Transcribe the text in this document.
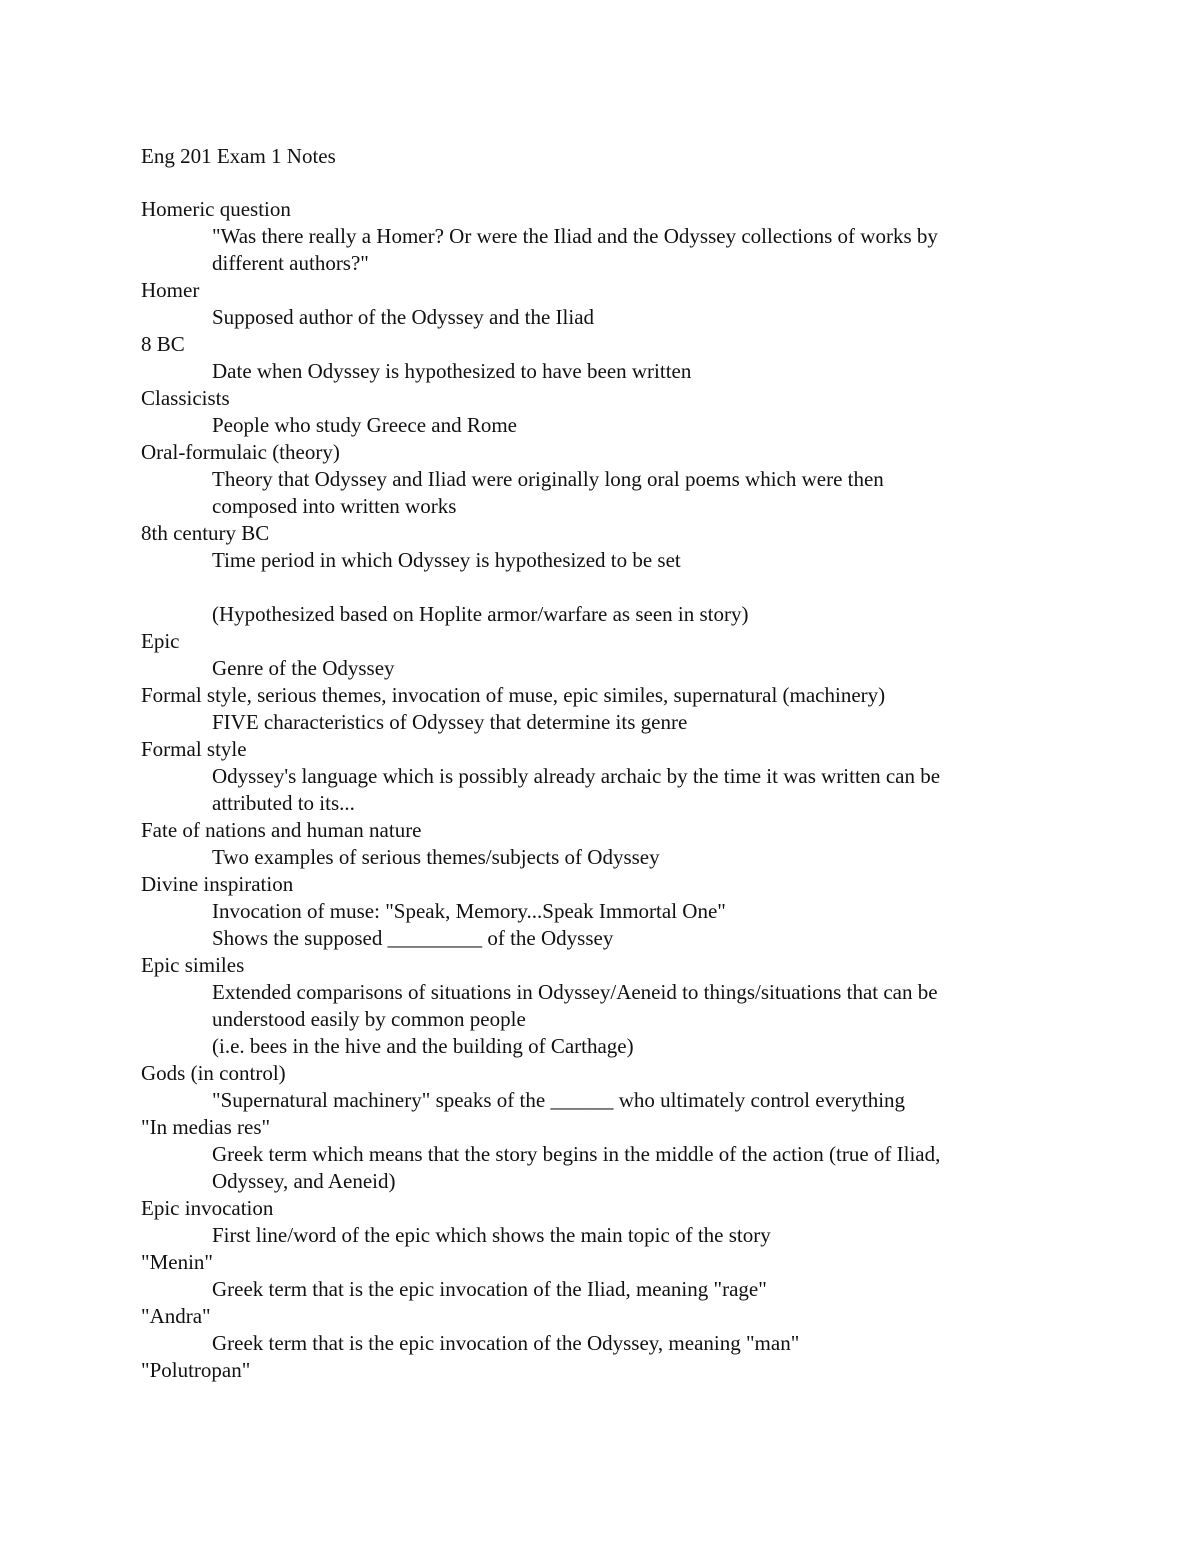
Eng 201 Exam 1 Notes
Homeric question
"Was there really a Homer? Or were the Iliad and the Odyssey collections of works by
different authors?"
Homer
Supposed author of the Odyssey and the Iliad
8 BC
Date when Odyssey is hypothesized to have been written
Classicists
People who study Greece and Rome
Oral-formulaic (theory)
Theory that Odyssey and Iliad were originally long oral poems which were then
composed into written works
8th century BC
Time period in which Odyssey is hypothesized to be set
(Hypothesized based on Hoplite armor/warfare as seen in story)
Epic
Genre of the Odyssey
Formal style, serious themes, invocation of muse, epic similes, supernatural (machinery)
FIVE characteristics of Odyssey that determine its genre
Formal style
Odyssey's language which is possibly already archaic by the time it was written can be
attributed to its...
Fate of nations and human nature
Two examples of serious themes/subjects of Odyssey
Divine inspiration
Invocation of muse: "Speak, Memory...Speak Immortal One"
Shows the supposed _________ of the Odyssey
Epic similes
Extended comparisons of situations in Odyssey/Aeneid to things/situations that can be
understood easily by common people
(i.e. bees in the hive and the building of Carthage)
Gods (in control)
"Supernatural machinery" speaks of the ______ who ultimately control everything
"In medias res"
Greek term which means that the story begins in the middle of the action (true of Iliad,
Odyssey, and Aeneid)
Epic invocation
First line/word of the epic which shows the main topic of the story
"Menin"
Greek term that is the epic invocation of the Iliad, meaning "rage"
"Andra"
Greek term that is the epic invocation of the Odyssey, meaning "man"
"Polutropan"
